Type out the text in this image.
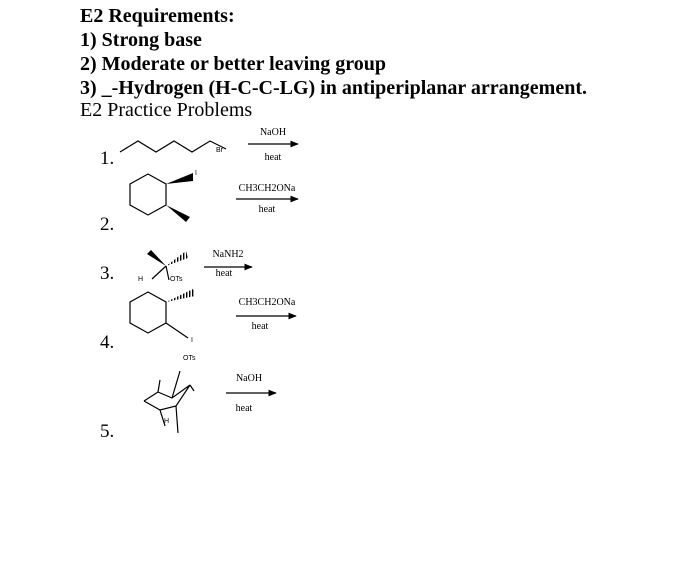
E2 Requirements:
1) Strong base
2) Moderate or better leaving group
3) _-Hydrogen (H-C-C-LG) in antiperiplanar arrangement.
E2 Practice Problems
1.
2.
3.
4.
5.
Br
I
H	OTs
I
OTs
H
NaOH
heat
CH3CH2ONa
heat
NaNH2
heat
CH3CH2ONa
heat
NaOH
heat
